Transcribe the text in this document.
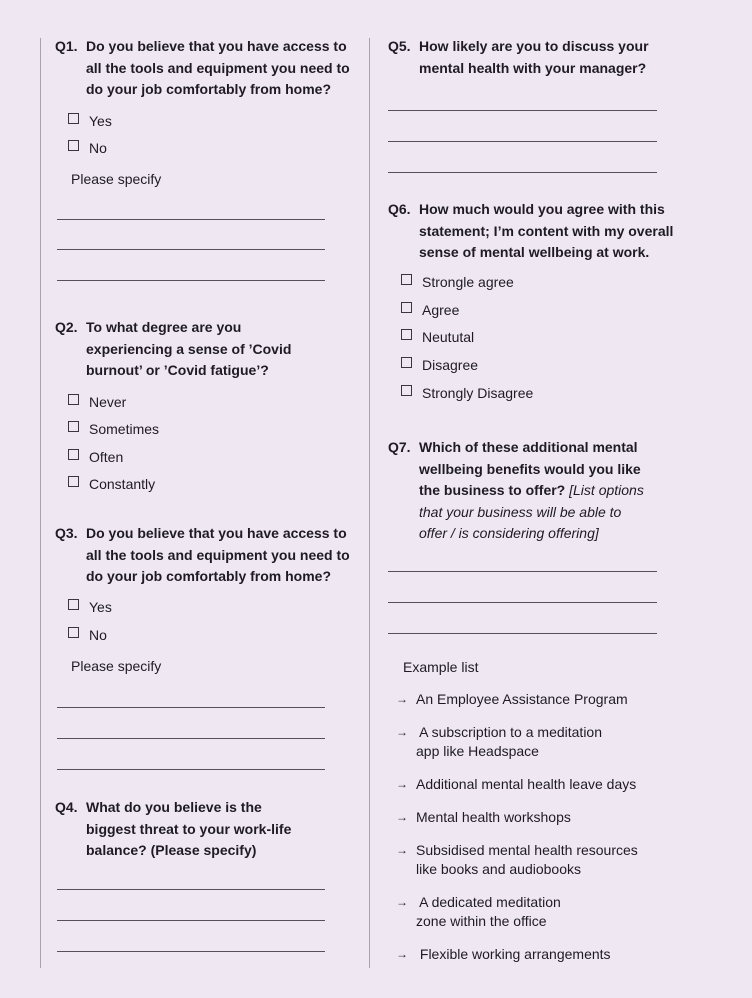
Q1. Do you believe that you have access to
all the tools and equipment you need to
do your job comfortably from home?
Yes
No
Please specify
Q2. To what degree are you
experiencing a sense of ’Covid
burnout’ or ’Covid fatigue’?
Never
Sometimes
Often
Constantly
Q3. Do you believe that you have access to
all the tools and equipment you need to
do your job comfortably from home?
Yes
No
Please specify
Q4. What do you believe is the
biggest threat to your work-life
balance? (Please specify)
Q5. How likely are you to discuss your
mental health with your manager?
Q6. How much would you agree with this
statement; I’m content with my overall
sense of mental wellbeing at work.
Strongle agree
Agree
Neututal
Disagree
Strongly Disagree
Q7. Which of these additional mental
wellbeing benefits would you like
the business to offer? [List options
that your business will be able to
offer / is considering offering]
Example list
→ An Employee Assistance Program
→ A subscription to a meditation
app like Headspace
→ Additional mental health leave days
→ Mental health workshops
→ Subsidised mental health resources
like books and audiobooks
→ A dedicated meditation
zone within the office
→ Flexible working arrangements
